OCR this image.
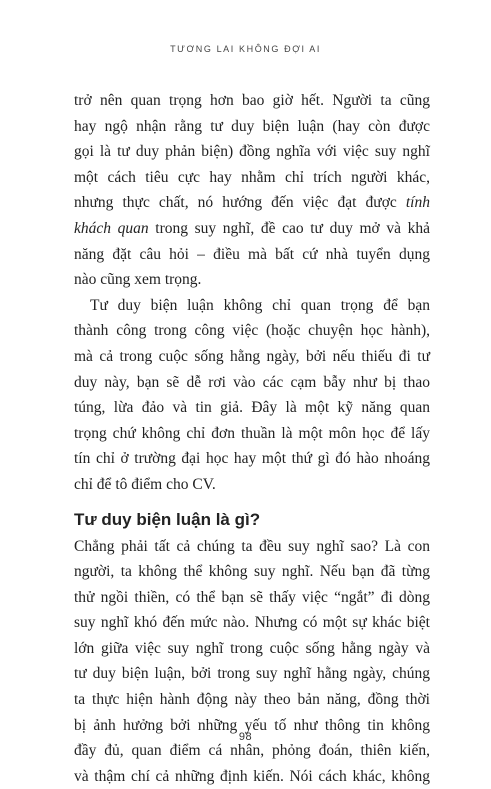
TƯƠNG LAI KHÔNG ĐỢI AI
trở nên quan trọng hơn bao giờ hết. Người ta cũng
hay ngộ nhận rằng tư duy biện luận (hay còn được
gọi là tư duy phản biện) đồng nghĩa với việc suy nghĩ
một cách tiêu cực hay nhằm chỉ trích người khác,
nhưng thực chất, nó hướng đến việc đạt được tính
khách quan trong suy nghĩ, đề cao tư duy mở và khả
năng đặt câu hỏi – điều mà bất cứ nhà tuyển dụng
nào cũng xem trọng.
Tư duy biện luận không chỉ quan trọng để bạn
thành công trong công việc (hoặc chuyện học hành),
mà cả trong cuộc sống hằng ngày, bởi nếu thiếu đi tư
duy này, bạn sẽ dễ rơi vào các cạm bẫy như bị thao
túng, lừa đảo và tin giả. Đây là một kỹ năng quan
trọng chứ không chỉ đơn thuần là một môn học để lấy
tín chỉ ở trường đại học hay một thứ gì đó hào nhoáng
chỉ để tô điểm cho CV.
Tư duy biện luận là gì?
Chẳng phải tất cả chúng ta đều suy nghĩ sao? Là con
người, ta không thể không suy nghĩ. Nếu bạn đã từng
thử ngồi thiền, có thể bạn sẽ thấy việc “ngắt” đi dòng
suy nghĩ khó đến mức nào. Nhưng có một sự khác biệt
lớn giữa việc suy nghĩ trong cuộc sống hằng ngày và
tư duy biện luận, bởi trong suy nghĩ hằng ngày, chúng
ta thực hiện hành động này theo bản năng, đồng thời
bị ảnh hưởng bởi những yếu tố như thông tin không
đầy đủ, quan điểm cá nhân, phỏng đoán, thiên kiến,
và thậm chí cả những định kiến. Nói cách khác, không
98
